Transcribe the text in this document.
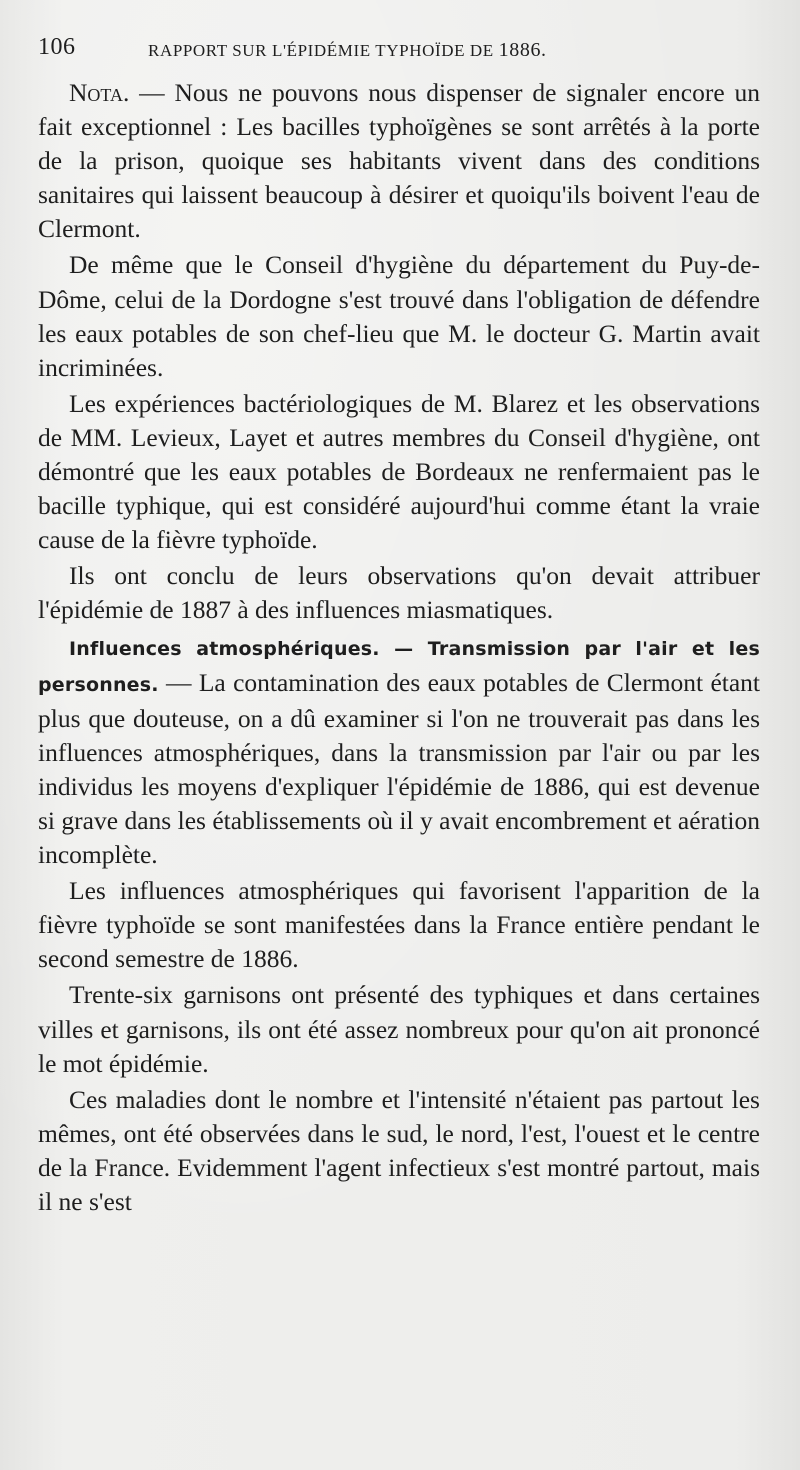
106	RAPPORT SUR L'ÉPIDÉMIE TYPHOÏDE DE 1886.

Nota. — Nous ne pouvons nous dispenser de signaler encore un fait exceptionnel : Les bacilles typhoïgènes se sont arrêtés à la porte de la prison, quoique ses habitants vivent dans des conditions sanitaires qui laissent beaucoup à désirer et quoiqu'ils boivent l'eau de Clermont.

De même que le Conseil d'hygiène du département du Puy-de-Dôme, celui de la Dordogne s'est trouvé dans l'obligation de défendre les eaux potables de son chef-lieu que M. le docteur G. Martin avait incriminées.

Les expériences bactériologiques de M. Blarez et les observations de MM. Levieux, Layet et autres membres du Conseil d'hygiène, ont démontré que les eaux potables de Bordeaux ne renfermaient pas le bacille typhique, qui est considéré aujourd'hui comme étant la vraie cause de la fièvre typhoïde.

Ils ont conclu de leurs observations qu'on devait attribuer l'épidémie de 1887 à des influences miasmatiques.

Influences atmosphériques. — Transmission par l'air et les personnes. — La contamination des eaux potables de Clermont étant plus que douteuse, on a dû examiner si l'on ne trouverait pas dans les influences atmosphériques, dans la transmission par l'air ou par les individus les moyens d'expliquer l'épidémie de 1886, qui est devenue si grave dans les établissements où il y avait encombrement et aération incomplète.

Les influences atmosphériques qui favorisent l'apparition de la fièvre typhoïde se sont manifestées dans la France entière pendant le second semestre de 1886.

Trente-six garnisons ont présenté des typhiques et dans certaines villes et garnisons, ils ont été assez nombreux pour qu'on ait prononcé le mot épidémie.

Ces maladies dont le nombre et l'intensité n'étaient pas partout les mêmes, ont été observées dans le sud, le nord, l'est, l'ouest et le centre de la France. Evidemment l'agent infectieux s'est montré partout, mais il ne s'est
